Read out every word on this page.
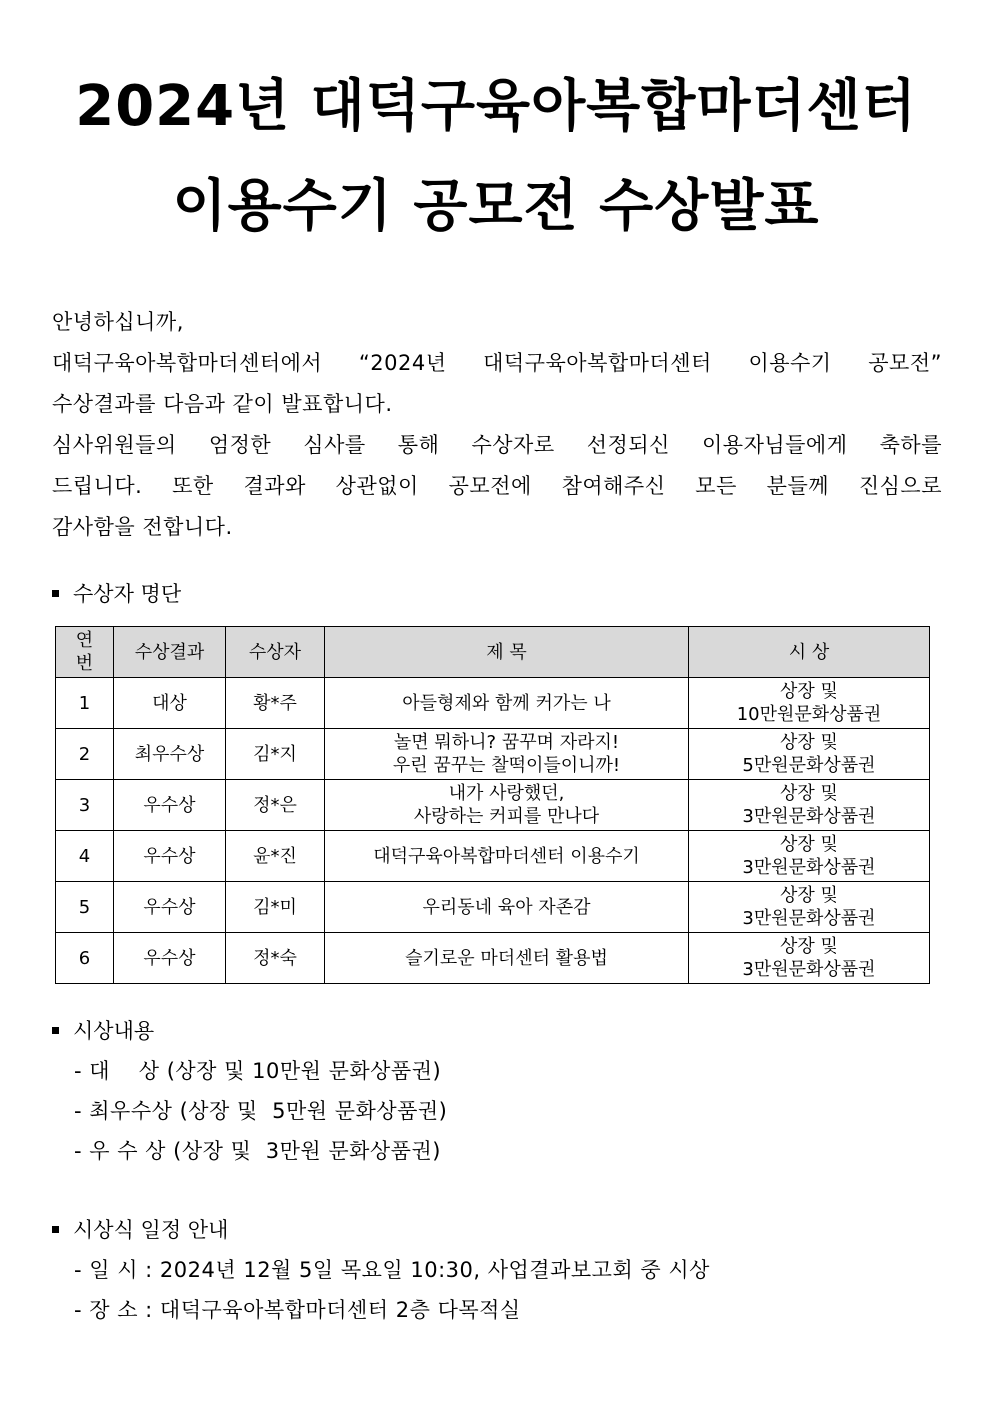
2024년 대덕구육아복합마더센터
이용수기 공모전 수상발표
안녕하십니까,
대덕구육아복합마더센터에서 “2024년 대덕구육아복합마더센터 이용수기 공모전”
수상결과를 다음과 같이 발표합니다.
심사위원들의 엄정한 심사를 통해 수상자로 선정되신 이용자님들에게 축하를
드립니다. 또한 결과와 상관없이 공모전에 참여해주신 모든 분들께 진심으로
감사함을 전합니다.
수상자 명단
연
번	수상결과	수상자	제 목	시 상
1	대상	황*주	아들형제와 함께 커가는 나	상장 및
10만원문화상품권

2	최우수상	김*지	놀면 뭐하니? 꿈꾸며 자라지!
우린 꿈꾸는 찰떡이들이니까!	상장 및
5만원문화상품권

3	우수상	정*은	내가 사랑했던,
사랑하는 커피를 만나다	상장 및
3만원문화상품권

4	우수상	윤*진	대덕구육아복합마더센터 이용수기	상장 및
3만원문화상품권

5	우수상	김*미	우리동네 육아 자존감	상장 및
3만원문화상품권

6	우수상	정*숙	슬기로운 마더센터 활용법	상장 및
3만원문화상품권
시상내용
- 대    상 (상장 및 10만원 문화상품권)
- 최우수상 (상장 및  5만원 문화상품권)
- 우 수 상 (상장 및  3만원 문화상품권)
시상식 일정 안내
- 일 시 : 2024년 12월 5일 목요일 10:30, 사업결과보고회 중 시상
- 장 소 : 대덕구육아복합마더센터 2층 다목적실
